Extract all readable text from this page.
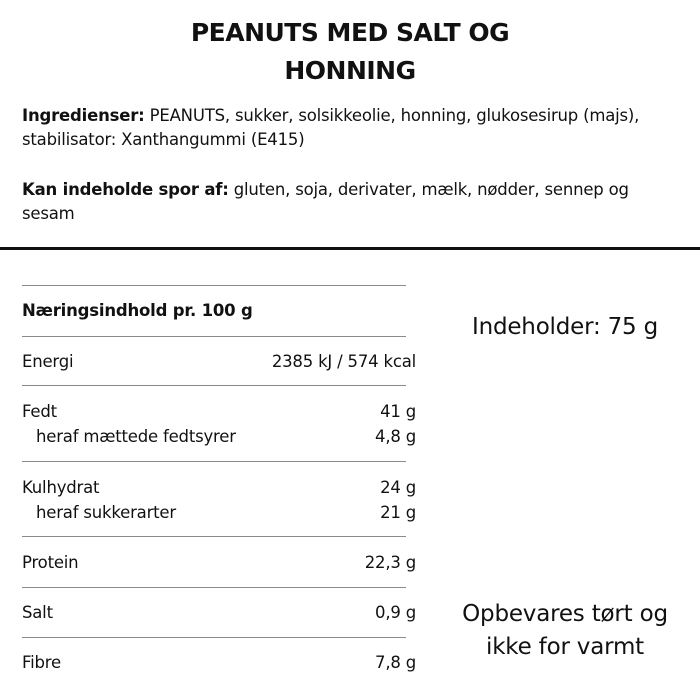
PEANUTS MED SALT OG
HONNING
Ingredienser: PEANUTS, sukker, solsikkeolie, honning, glukosesirup (majs),
stabilisator: Xanthangummi (E415)
Kan indeholde spor af: gluten, soja, derivater, mælk, nødder, sennep og
sesam
Næringsindhold pr. 100 g
Energi	2385 kJ / 574 kcal
Fedt	41 g
heraf mættede fedtsyrer	4,8 g
Kulhydrat	24 g
heraf sukkerarter	21 g
Protein	22,3 g
Salt	0,9 g
Fibre	7,8 g
Indeholder: 75 g
Opbevares tørt og
ikke for varmt
